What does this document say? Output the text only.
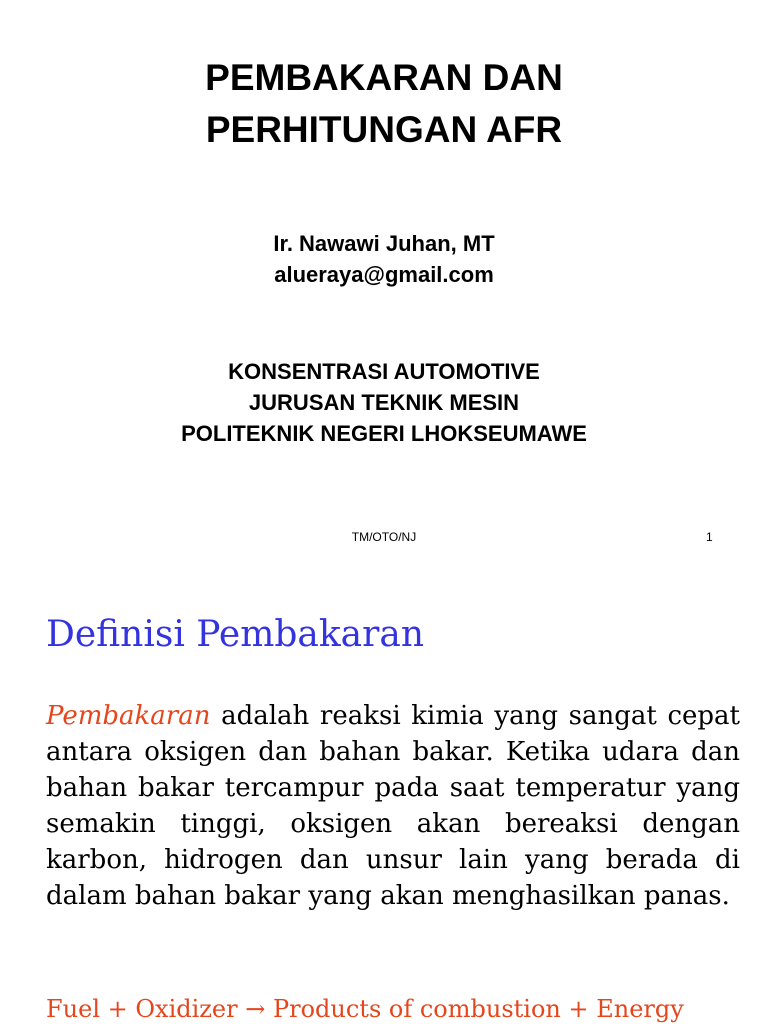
PEMBAKARAN DAN
PERHITUNGAN AFR
Ir. Nawawi Juhan, MT
alueraya@gmail.com
KONSENTRASI AUTOMOTIVE
JURUSAN TEKNIK MESIN
POLITEKNIK NEGERI LHOKSEUMAWE
TM/OTO/NJ	1
Definisi Pembakaran

Pembakaran adalah reaksi kimia yang sangat cepat antara oksigen dan bahan bakar. Ketika udara dan bahan bakar tercampur pada saat temperatur yang semakin tinggi, oksigen akan bereaksi dengan karbon, hidrogen dan unsur lain yang berada di dalam bahan bakar yang akan menghasilkan panas.

Fuel + Oxidizer → Products of combustion + Energy
